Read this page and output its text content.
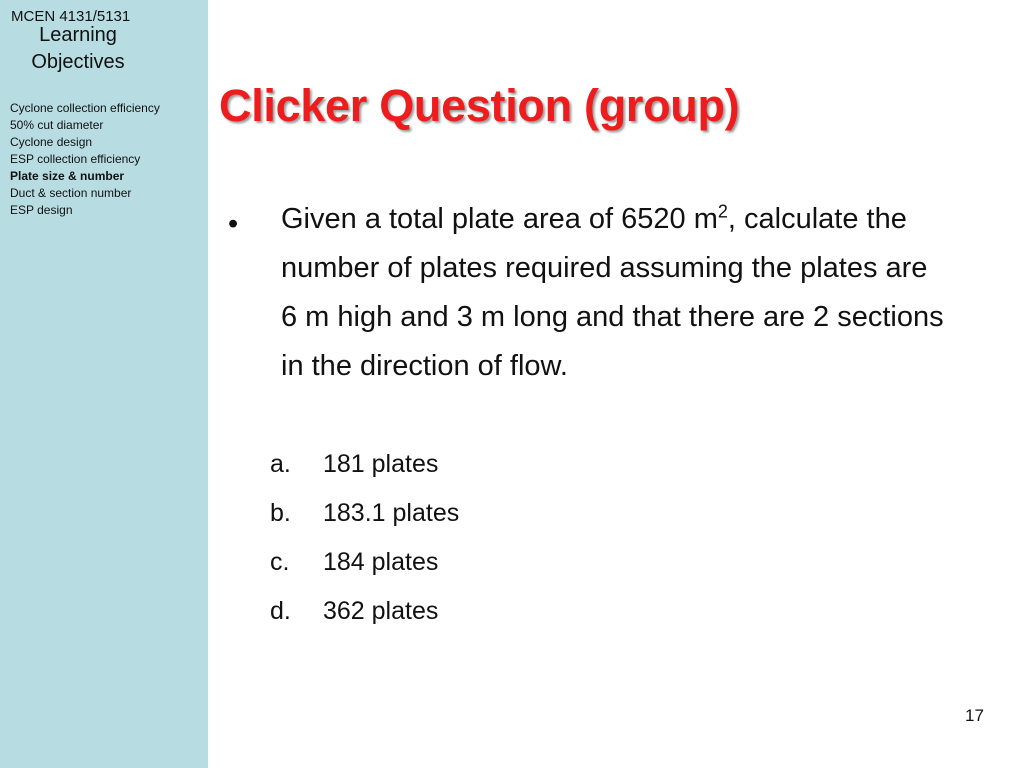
Learning Objectives
MCEN 4131/5131
Cyclone collection efficiency
50% cut diameter
Cyclone design
ESP collection efficiency
Plate size & number
Duct & section number
ESP design
Clicker Question (group)
• Given a total plate area of 6520 $m^2$, calculate the number of plates required assuming the plates are 6 m high and 3 m long and that there are 2 sections in the direction of flow.
a. 181 plates
b. 183.1 plates
c. 184 plates
d. 362 plates
17
